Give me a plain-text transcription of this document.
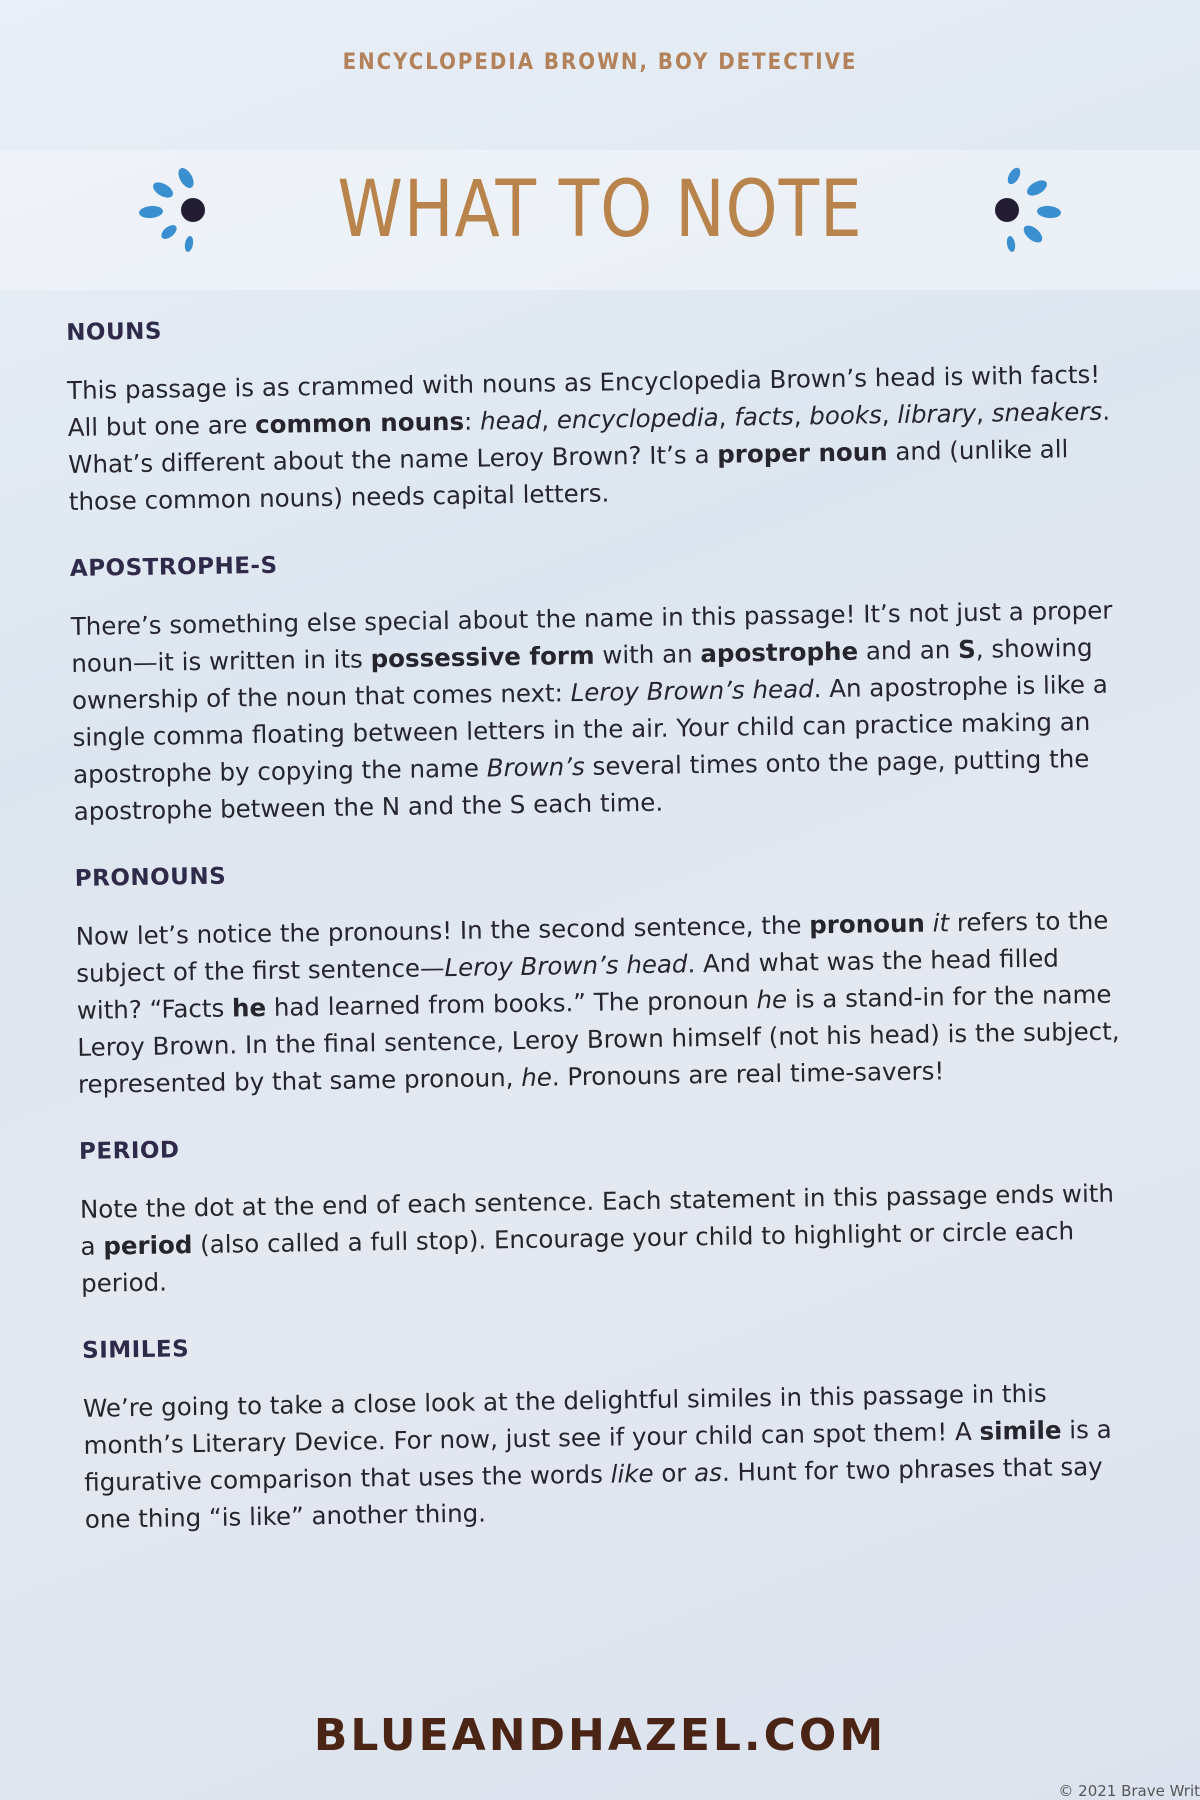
ENCYCLOPEDIA BROWN, BOY DETECTIVE
WHAT TO NOTE
NOUNS

This passage is as crammed with nouns as Encyclopedia Brown’s head is with facts! All but one are common nouns: head, encyclopedia, facts, books, library, sneakers. What’s different about the name Leroy Brown? It’s a proper noun and (unlike all those common nouns) needs capital letters.

APOSTROPHE-S

There’s something else special about the name in this passage! It’s not just a proper noun—it is written in its possessive form with an apostrophe and an S, showing ownership of the noun that comes next: Leroy Brown’s head. An apostrophe is like a single comma floating between letters in the air. Your child can practice making an apostrophe by copying the name Brown’s several times onto the page, putting the apostrophe between the N and the S each time.

PRONOUNS

Now let’s notice the pronouns! In the second sentence, the pronoun it refers to the subject of the first sentence—Leroy Brown’s head. And what was the head filled with? “Facts he had learned from books.” The pronoun he is a stand-in for the name Leroy Brown. In the final sentence, Leroy Brown himself (not his head) is the subject, represented by that same pronoun, he. Pronouns are real time-savers!

PERIOD

Note the dot at the end of each sentence. Each statement in this passage ends with a period (also called a full stop). Encourage your child to highlight or circle each period.

SIMILES

We’re going to take a close look at the delightful similes in this passage in this month’s Literary Device. For now, just see if your child can spot them! A simile is a figurative comparison that uses the words like or as. Hunt for two phrases that say one thing “is like” another thing.

BLUEANDHAZEL.COM
© 2021 Brave Writ
